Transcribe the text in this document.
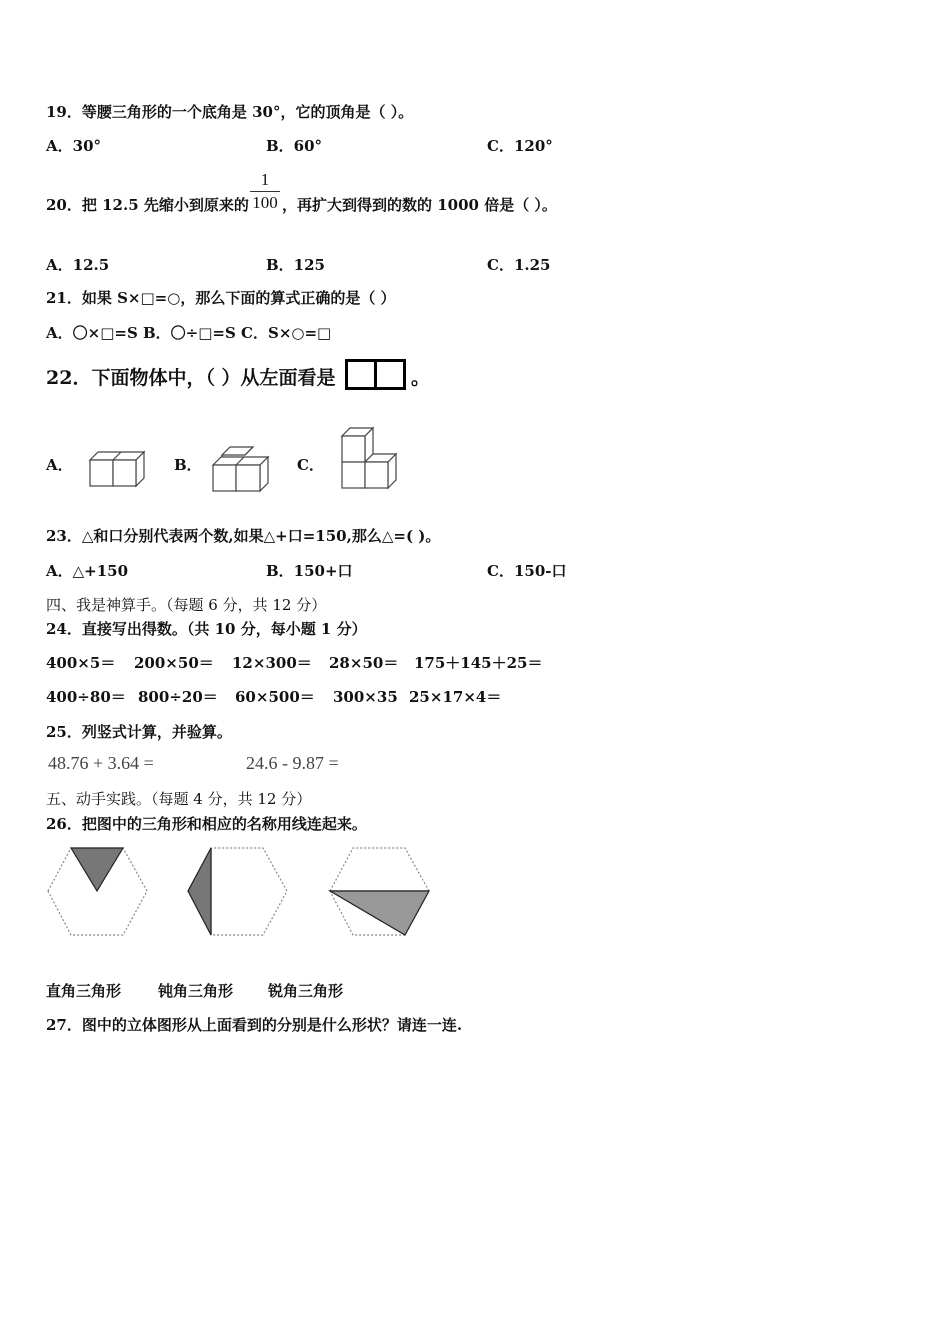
19．等腰三角形的一个底角是 30°，它的顶角是（ ）。
A．30°	B．60°	C．120°
20．把 12.5 先缩小到原来的
1
100 ，再扩大到得到的数的 1000 倍是（ ）。
A．12.5	B．125	C．1.25
21．如果 S×□=○，那么下面的算式正确的是（ ）
A．〇×□=S B．〇÷□=S C．S×○=□
22．下面物体中，（ ）从左面看是	。
A．	B．	C．
23．△和口分别代表两个数,如果△+口=150,那么△=( )。
A．△+150	B．150+口	C．150-口
四、我是神算手。（每题 6 分，共 12 分）
24．直接写出得数。（共 10 分，每小题 1 分）
400×5＝ 200×50＝ 12×300＝ 28×50＝ 175＋145＋25＝
400÷80＝ 800÷20＝ 60×500＝ 300×35 25×17×4＝
25．列竖式计算，并验算。
48.76 + 3.64 =	24.6 - 9.87 =
五、动手实践。（每题 4 分，共 12 分）
26．把图中的三角形和相应的名称用线连起来。
直角三角形 钝角三角形 锐角三角形
27．图中的立体图形从上面看到的分别是什么形状？请连一连.
